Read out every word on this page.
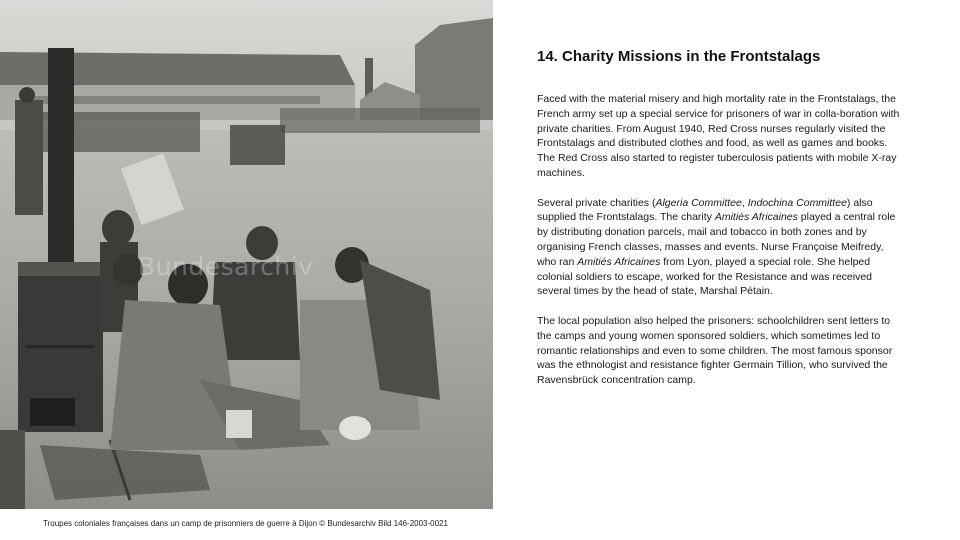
Bundesarchiv
Troupes coloniales françaises dans un camp de prisonniers de guerre à Dijon © Bundesarchiv Bild 146-2003-0021
14. Charity Missions in the Frontstalags

Faced with the material misery and high mortality rate in the Frontstalags, the French army set up a special service for prisoners of war in colla-boration with private charities. From August 1940, Red Cross nurses regularly visited the Frontstalags and distributed clothes and food, as well as games and books. The Red Cross also started to register tuberculosis patients with mobile X-ray machines.

Several private charities (Algeria Committee, Indochina Committee) also supplied the Frontstalags. The charity Amitiés Africaines played a central role by distributing donation parcels, mail and tobacco in both zones and by organising French classes, masses and events. Nurse Françoise Meifredy, who ran Amitiés Africaines from Lyon, played a special role. She helped colonial soldiers to escape, worked for the Resistance and was received several times by the head of state, Marshal Pétain.

The local population also helped the prisoners: schoolchildren sent letters to the camps and young women sponsored soldiers, which sometimes led to romantic relationships and even to some children. The most famous sponsor was the ethnologist and resistance fighter Germain Tillion, who survived the Ravensbrück concentration camp.
